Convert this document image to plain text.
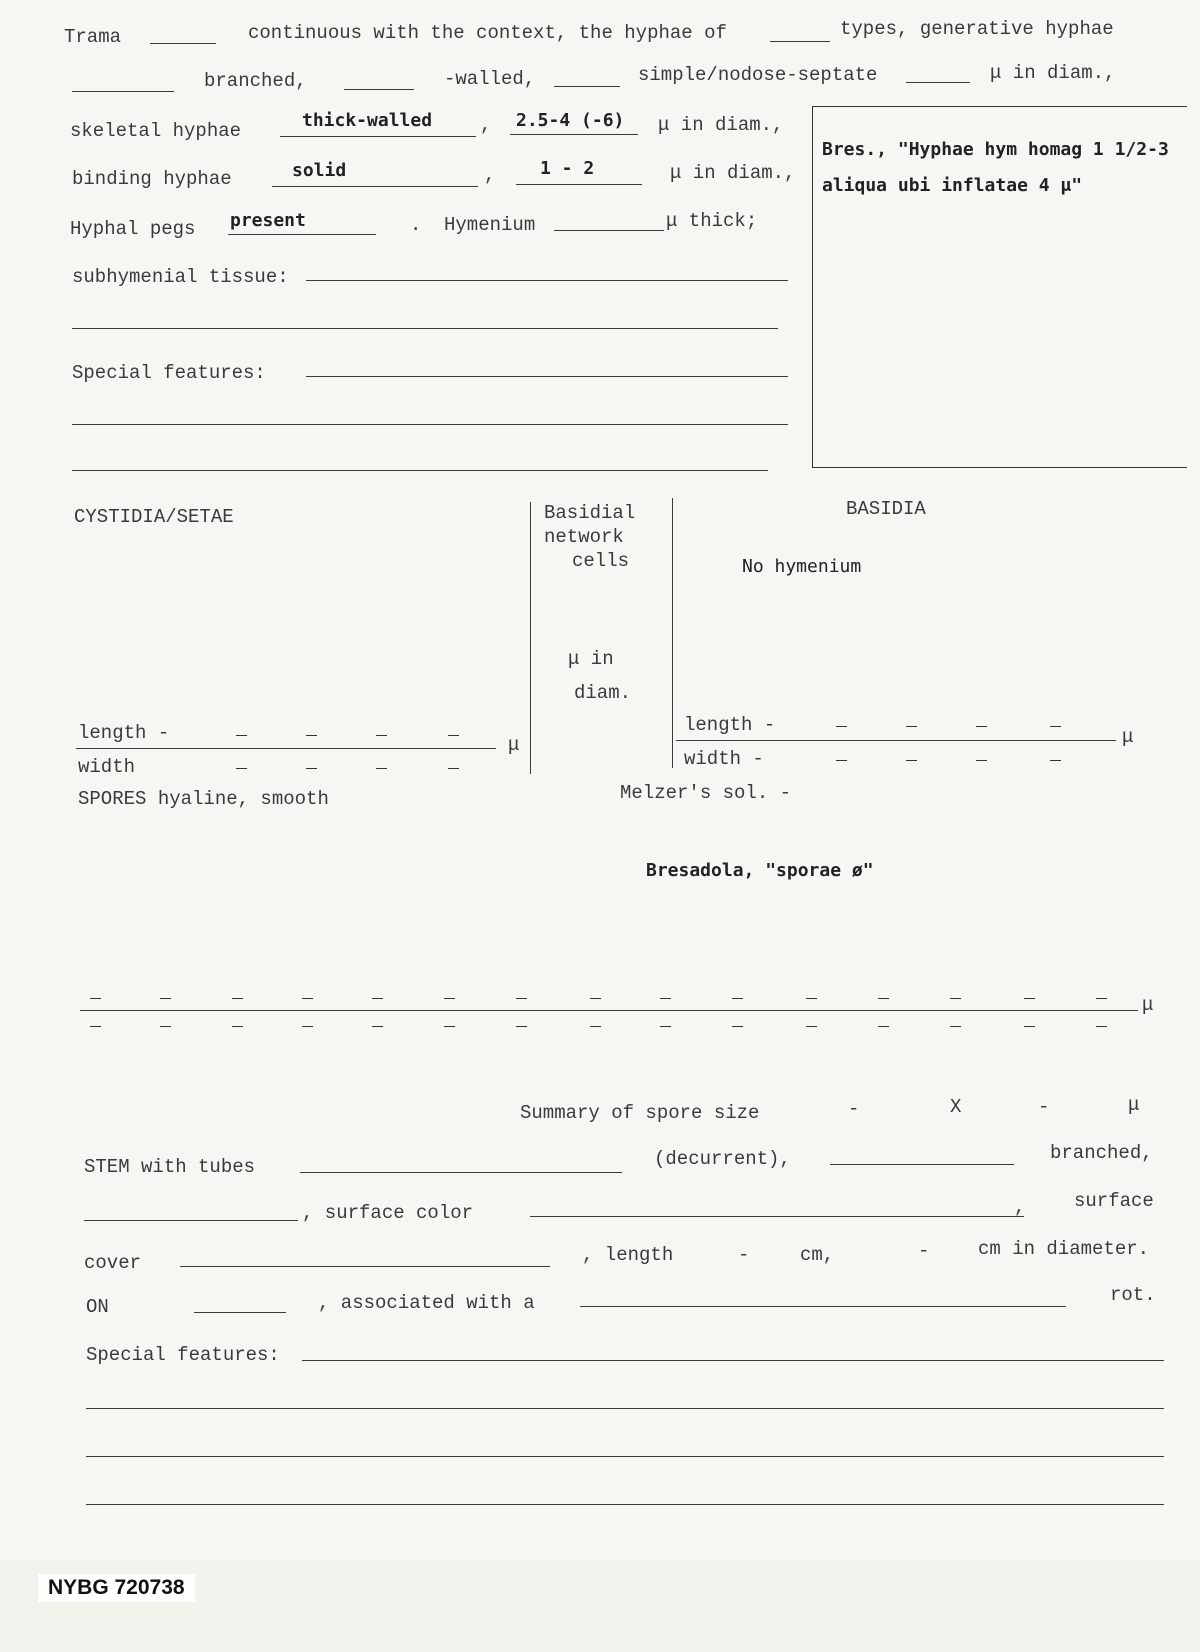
Trama	continuous with the context, the hyphae of	types, generative hyphae
branched,	-walled,	simple/nodose-septate	μ in diam.,
skeletal hyphae	thick-walled	, 2.5-4 (-6) μ in diam.,
binding hyphae	solid	, 1 - 2	μ in diam.,
Hyphal pegs present	. Hymenium	μ thick;
subhymenial tissue:
Special features:
Bres., "Hyphae hym homag 1 1/2-3 aliqua ubi inflatae 4 μ"
CYSTIDIA/SETAE
length -
width
μ
Basidial
network
cells
μ in
diam.
BASIDIA
No hymenium
length -
width -
μ
SPORES hyaline, smooth	Melzer's sol. -
Bresadola, "sporae ø"
μ
Summary of spore size	-	X	-	μ
STEM with tubes	(decurrent),	branched,
, surface color	,	surface
cover	, length	-	cm,	-	cm in diameter.
ON	, associated with a	rot.
Special features:
NYBG 720738
